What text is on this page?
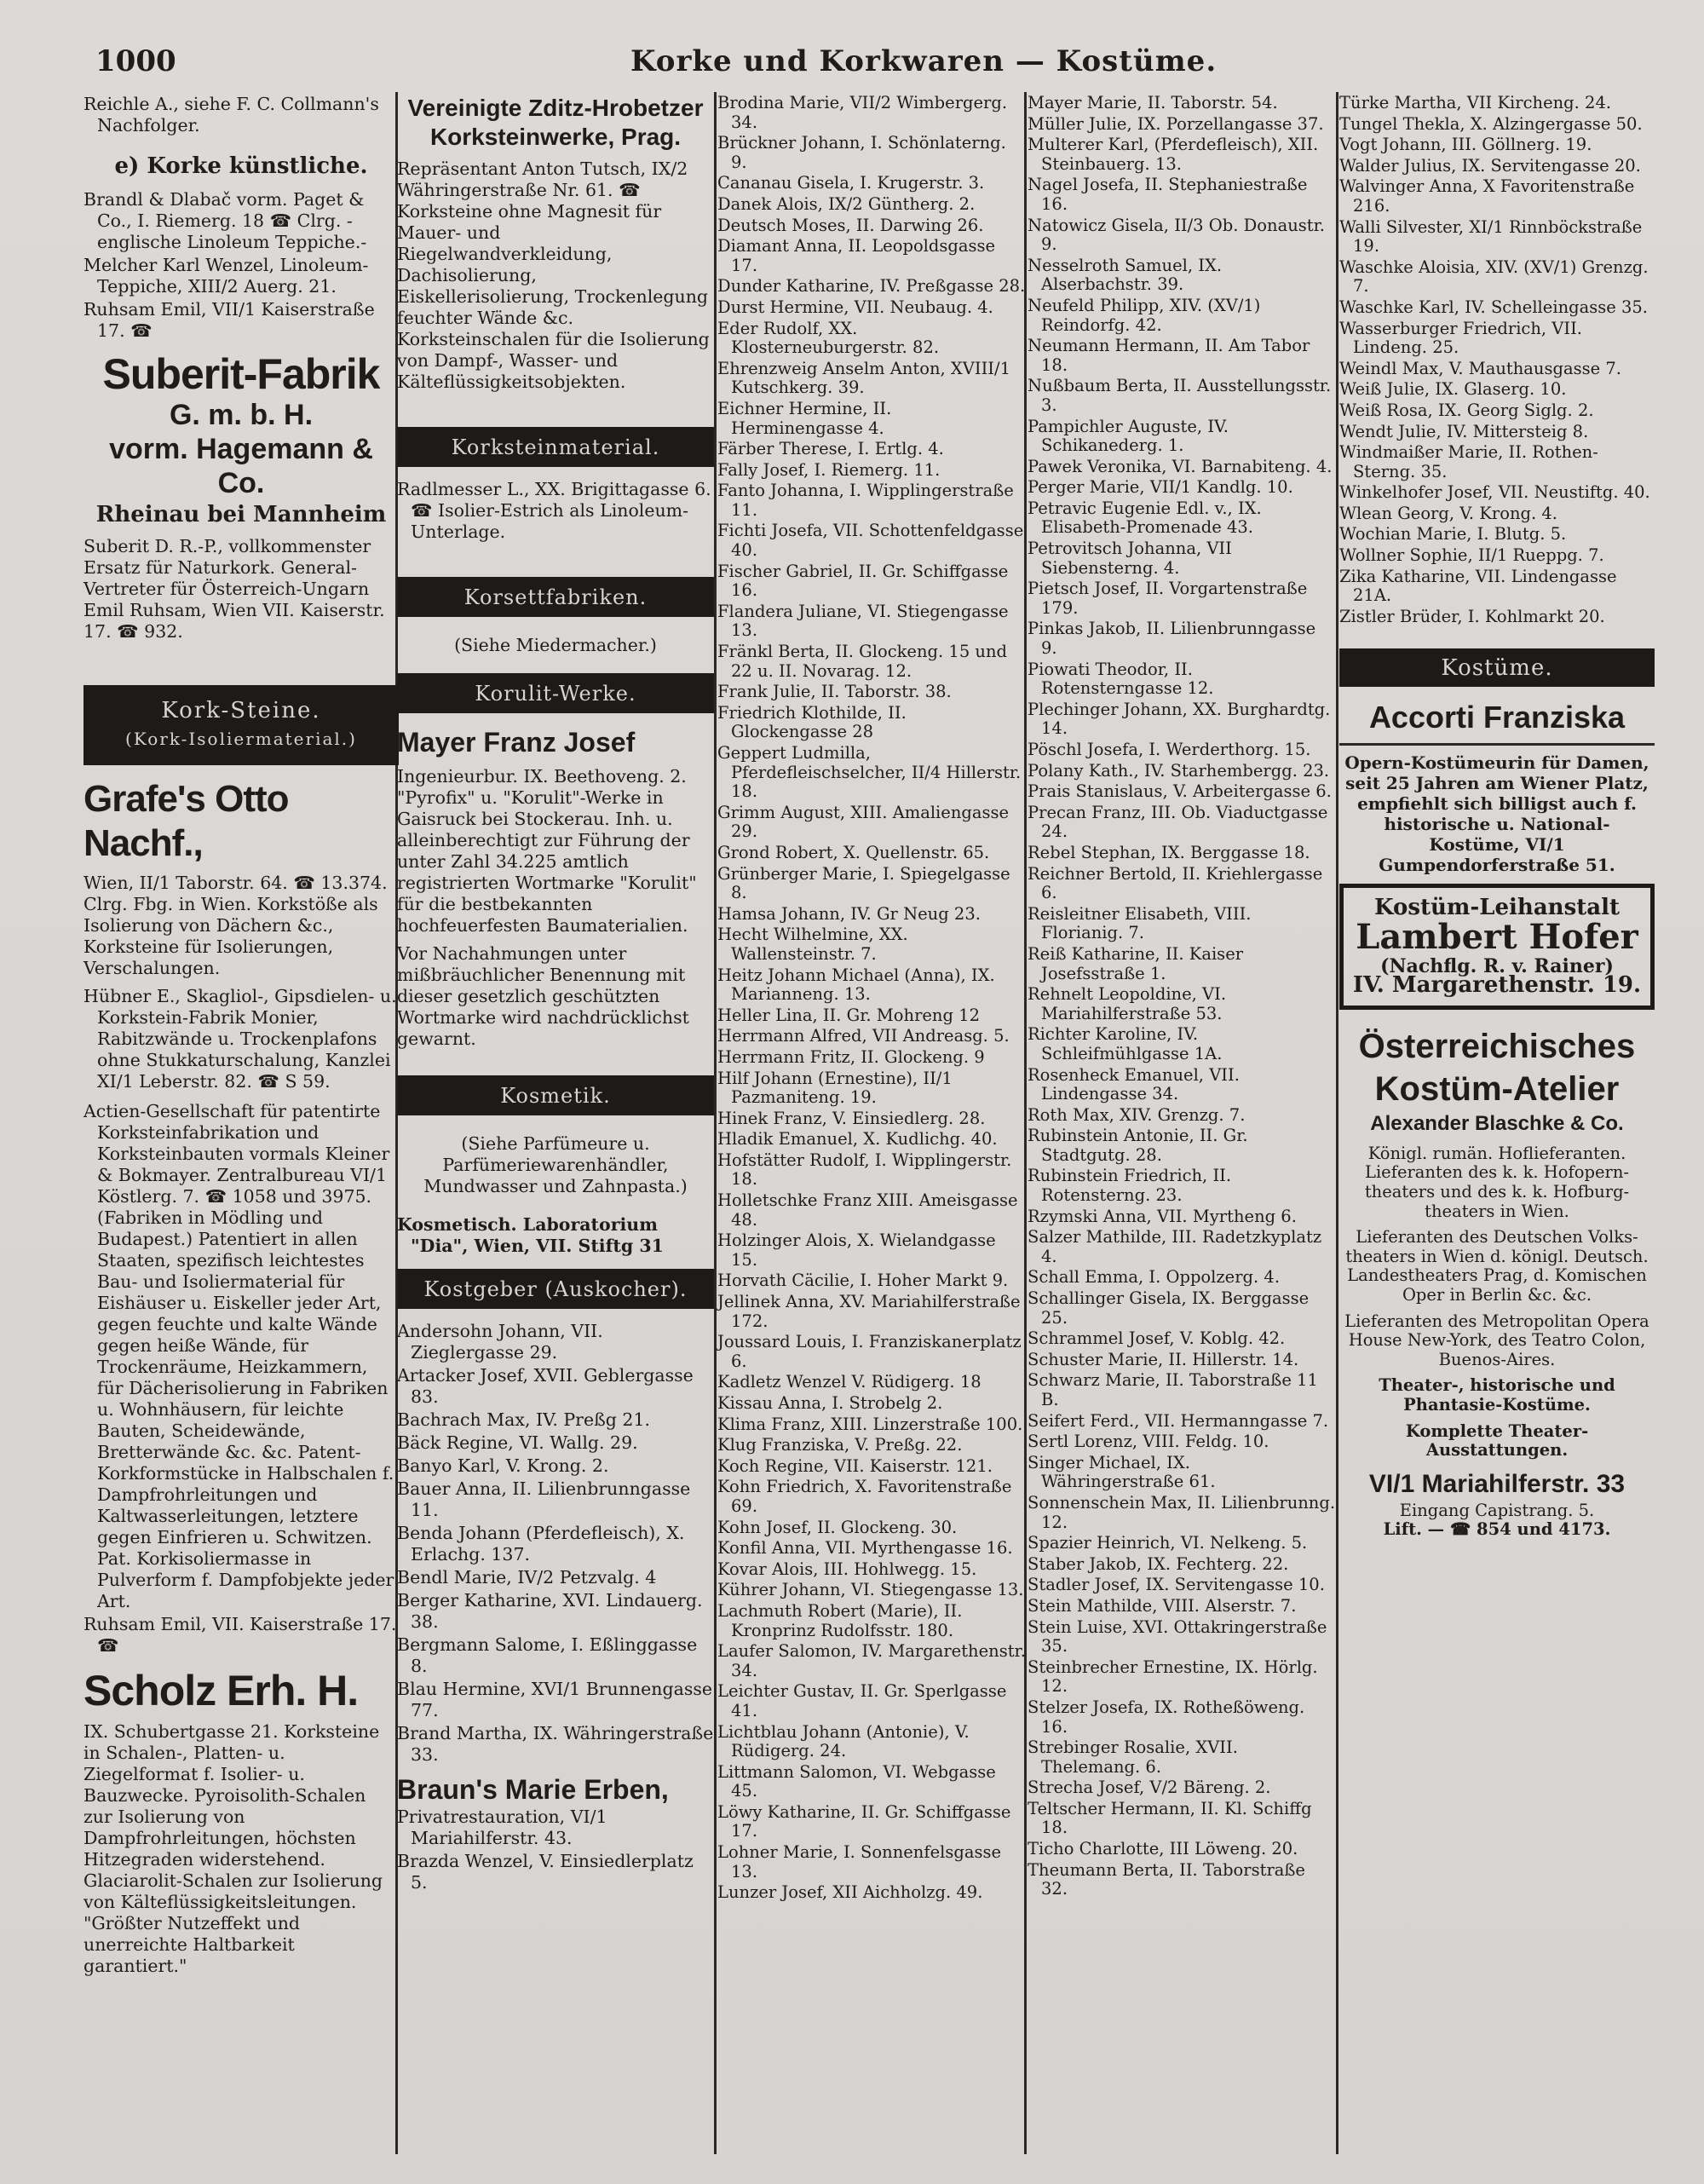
1000	Korke und Korkwaren — Kostüme.

Reichle A., siehe F. C. Collmann's Nachfolger.

e) Korke künstliche.

Brandl & Dlabač vorm. Paget & Co., I. Riemerg. 18 ☎ Clrg. -englische Linoleum Teppiche.-

Melcher Karl Wenzel, Linoleum-Teppiche, XIII/2 Auerg. 21.

Ruhsam Emil, VII/1 Kaiserstraße 17. ☎

Suberit-Fabrik
G. m. b. H.
vorm. Hagemann & Co.
Rheinau bei Mannheim

Suberit D. R.-P., vollkommenster Ersatz für Naturkork. General-Vertreter für Österreich-Ungarn Emil Ruhsam, Wien VII. Kaiserstr. 17. ☎ 932.

Kork-Steine.
(Kork-Isoliermaterial.)
Grafe's Otto Nachf.,

Wien, II/1 Taborstr. 64. ☎ 13.374. Clrg. Fbg. in Wien. Korkstöße als Isolierung von Dächern &c., Korksteine für Isolierungen, Verschalungen.

Hübner E., Skagliol-, Gipsdielen- u. Korkstein-Fabrik Monier, Rabitzwände u. Trockenplafons ohne Stukkaturschalung, Kanzlei XI/1 Leberstr. 82. ☎ S 59.

Actien-Gesellschaft für patentirte Korksteinfabrikation und Korksteinbauten vormals Kleiner & Bokmayer. Zentralbureau VI/1 Köstlerg. 7. ☎ 1058 und 3975. (Fabriken in Mödling und Budapest.) Patentiert in allen Staaten, spezifisch leichtestes Bau- und Isoliermaterial für Eishäuser u. Eiskeller jeder Art, gegen feuchte und kalte Wände gegen heiße Wände, für Trockenräume, Heizkammern, für Dächerisolierung in Fabriken u. Wohnhäusern, für leichte Bauten, Scheidewände, Bretterwände &c. &c. Patent-Korkformstücke in Halbschalen f. Dampfrohrleitungen und Kaltwasserleitungen, letztere gegen Einfrieren u. Schwitzen. Pat. Korkisoliermasse in Pulverform f. Dampfobjekte jeder Art.

Ruhsam Emil, VII. Kaiserstraße 17. ☎

Scholz Erh. H.

IX. Schubertgasse 21. Korksteine in Schalen-, Platten- u. Ziegelformat f. Isolier- u. Bauzwecke. Pyroisolith-Schalen zur Isolierung von Dampfrohrleitungen, höchsten Hitzegraden widerstehend. Glaciarolit-Schalen zur Isolierung von Kälteflüssigkeitsleitungen. "Größter Nutzeffekt und unerreichte Haltbarkeit garantiert."

Vereinigte Zditz-Hrobetzer
Korksteinwerke, Prag.

Repräsentant Anton Tutsch, IX/2 Währingerstraße Nr. 61. ☎ Korksteine ohne Magnesit für Mauer- und Riegelwandverkleidung, Dachisolierung, Eiskellerisolierung, Trockenlegung feuchter Wände &c. Korksteinschalen für die Isolierung von Dampf-, Wasser- und Kälteflüssigkeitsobjekten.

Korksteinmaterial.

Radlmesser L., XX. Brigittagasse 6. ☎ Isolier-Estrich als Linoleum-Unterlage.

Korsettfabriken.

(Siehe Miedermacher.)

Korulit-Werke.
Mayer Franz Josef

Ingenieurbur. IX. Beethoveng. 2. "Pyrofix" u. "Korulit"-Werke in Gaisruck bei Stockerau. Inh. u. alleinberechtigt zur Führung der unter Zahl 34.225 amtlich registrierten Wortmarke "Korulit" für die bestbekannten hochfeuerfesten Baumaterialien.

Vor Nachahmungen unter mißbräuchlicher Benennung mit dieser gesetzlich geschützten Wortmarke wird nachdrücklichst gewarnt.

Kosmetik.

(Siehe Parfümeure u. Parfümeriewarenhändler, Mundwasser und Zahnpasta.)

Kosmetisch. Laboratorium "Dia", Wien, VII. Stiftg 31

Kostgeber (Auskocher).

Andersohn Johann, VII. Zieglergasse 29.

Artacker Josef, XVII. Geblergasse 83.

Bachrach Max, IV. Preßg 21.

Bäck Regine, VI. Wallg. 29.

Banyo Karl, V. Krong. 2.

Bauer Anna, II. Lilienbrunngasse 11.

Benda Johann (Pferdefleisch), X. Erlachg. 137.

Bendl Marie, IV/2 Petzvalg. 4

Berger Katharine, XVI. Lindauerg. 38.

Bergmann Salome, I. Eßlinggasse 8.

Blau Hermine, XVI/1 Brunnengasse 77.

Brand Martha, IX. Währingerstraße 33.

Braun's Marie Erben,

Privatrestauration, VI/1 Mariahilferstr. 43.

Brazda Wenzel, V. Einsiedlerplatz 5.

Brodina Marie, VII/2 Wimbergerg. 34.

Brückner Johann, I. Schönlaterng. 9.

Cananau Gisela, I. Krugerstr. 3.

Danek Alois, IX/2 Güntherg. 2.

Deutsch Moses, II. Darwing 26.

Diamant Anna, II. Leopoldsgasse 17.

Dunder Katharine, IV. Preßgasse 28.

Durst Hermine, VII. Neubaug. 4.

Eder Rudolf, XX. Klosterneuburgerstr. 82.

Ehrenzweig Anselm Anton, XVIII/1 Kutschkerg. 39.

Eichner Hermine, II. Herminengasse 4.

Färber Therese, I. Ertlg. 4.

Fally Josef, I. Riemerg. 11.

Fanto Johanna, I. Wipplingerstraße 11.

Fichti Josefa, VII. Schottenfeldgasse 40.

Fischer Gabriel, II. Gr. Schiffgasse 16.

Flandera Juliane, VI. Stiegengasse 13.

Fränkl Berta, II. Glockeng. 15 und 22 u. II. Novarag. 12.

Frank Julie, II. Taborstr. 38.

Friedrich Klothilde, II. Glockengasse 28

Geppert Ludmilla, Pferdefleischselcher, II/4 Hillerstr. 18.

Grimm August, XIII. Amaliengasse 29.

Grond Robert, X. Quellenstr. 65.

Grünberger Marie, I. Spiegelgasse 8.

Hamsa Johann, IV. Gr Neug 23.

Hecht Wilhelmine, XX. Wallensteinstr. 7.

Heitz Johann Michael (Anna), IX. Marianneng. 13.

Heller Lina, II. Gr. Mohreng 12

Herrmann Alfred, VII Andreasg. 5.

Herrmann Fritz, II. Glockeng. 9

Hilf Johann (Ernestine), II/1 Pazmaniteng. 19.

Hinek Franz, V. Einsiedlerg. 28.

Hladik Emanuel, X. Kudlichg. 40.

Hofstätter Rudolf, I. Wipplingerstr. 18.

Holletschke Franz XIII. Ameisgasse 48.

Holzinger Alois, X. Wielandgasse 15.

Horvath Cäcilie, I. Hoher Markt 9.

Jellinek Anna, XV. Mariahilferstraße 172.

Joussard Louis, I. Franziskanerplatz 6.

Kadletz Wenzel V. Rüdigerg. 18

Kissau Anna, I. Strobelg 2.

Klima Franz, XIII. Linzerstraße 100.

Klug Franziska, V. Preßg. 22.

Koch Regine, VII. Kaiserstr. 121.

Kohn Friedrich, X. Favoritenstraße 69.

Kohn Josef, II. Glockeng. 30.

Konfil Anna, VII. Myrthengasse 16.

Kovar Alois, III. Hohlwegg. 15.

Kührer Johann, VI. Stiegengasse 13.

Lachmuth Robert (Marie), II. Kronprinz Rudolfsstr. 180.

Laufer Salomon, IV. Margarethenstr. 34.

Leichter Gustav, II. Gr. Sperlgasse 41.

Lichtblau Johann (Antonie), V. Rüdigerg. 24.

Littmann Salomon, VI. Webgasse 45.

Löwy Katharine, II. Gr. Schiffgasse 17.

Lohner Marie, I. Sonnenfelsgasse 13.

Lunzer Josef, XII Aichholzg. 49.

Mayer Marie, II. Taborstr. 54.

Müller Julie, IX. Porzellangasse 37.

Multerer Karl, (Pferdefleisch), XII. Steinbauerg. 13.

Nagel Josefa, II. Stephaniestraße 16.

Natowicz Gisela, II/3 Ob. Donaustr. 9.

Nesselroth Samuel, IX. Alserbachstr. 39.

Neufeld Philipp, XIV. (XV/1) Reindorfg. 42.

Neumann Hermann, II. Am Tabor 18.

Nußbaum Berta, II. Ausstellungsstr. 3.

Pampichler Auguste, IV. Schikanederg. 1.

Pawek Veronika, VI. Barnabiteng. 4.

Perger Marie, VII/1 Kandlg. 10.

Petravic Eugenie Edl. v., IX. Elisabeth-Promenade 43.

Petrovitsch Johanna, VII Siebensterng. 4.

Pietsch Josef, II. Vorgartenstraße 179.

Pinkas Jakob, II. Lilienbrunngasse 9.

Piowati Theodor, II. Rotensterngasse 12.

Plechinger Johann, XX. Burghardtg. 14.

Pöschl Josefa, I. Werderthorg. 15.

Polany Kath., IV. Starhembergg. 23.

Prais Stanislaus, V. Arbeitergasse 6.

Precan Franz, III. Ob. Viaductgasse 24.

Rebel Stephan, IX. Berggasse 18.

Reichner Bertold, II. Kriehlergasse 6.

Reisleitner Elisabeth, VIII. Florianig. 7.

Reiß Katharine, II. Kaiser Josefsstraße 1.

Rehnelt Leopoldine, VI. Mariahilferstraße 53.

Richter Karoline, IV. Schleifmühlgasse 1A.

Rosenheck Emanuel, VII. Lindengasse 34.

Roth Max, XIV. Grenzg. 7.

Rubinstein Antonie, II. Gr. Stadtgutg. 28.

Rubinstein Friedrich, II. Rotensterng. 23.

Rzymski Anna, VII. Myrtheng 6.

Salzer Mathilde, III. Radetzkyplatz 4.

Schall Emma, I. Oppolzerg. 4.

Schallinger Gisela, IX. Berggasse 25.

Schrammel Josef, V. Koblg. 42.

Schuster Marie, II. Hillerstr. 14.

Schwarz Marie, II. Taborstraße 11 B.

Seifert Ferd., VII. Hermanngasse 7.

Sertl Lorenz, VIII. Feldg. 10.

Singer Michael, IX. Währingerstraße 61.

Sonnenschein Max, II. Lilienbrunng. 12.

Spazier Heinrich, VI. Nelkeng. 5.

Staber Jakob, IX. Fechterg. 22.

Stadler Josef, IX. Servitengasse 10.

Stein Mathilde, VIII. Alserstr. 7.

Stein Luise, XVI. Ottakringerstraße 35.

Steinbrecher Ernestine, IX. Hörlg. 12.

Stelzer Josefa, IX. Rotheßöweng. 16.

Strebinger Rosalie, XVII. Thelemang. 6.

Strecha Josef, V/2 Bäreng. 2.

Teltscher Hermann, II. Kl. Schiffg 18.

Ticho Charlotte, III Löweng. 20.

Theumann Berta, II. Taborstraße 32.

Türke Martha, VII Kircheng. 24.

Tungel Thekla, X. Alzingergasse 50.

Vogt Johann, III. Göllnerg. 19.

Walder Julius, IX. Servitengasse 20.

Walvinger Anna, X Favoritenstraße 216.

Walli Silvester, XI/1 Rinnböckstraße 19.

Waschke Aloisia, XIV. (XV/1) Grenzg. 7.

Waschke Karl, IV. Schelleingasse 35.

Wasserburger Friedrich, VII. Lindeng. 25.

Weindl Max, V. Mauthausgasse 7.

Weiß Julie, IX. Glaserg. 10.

Weiß Rosa, IX. Georg Siglg. 2.

Wendt Julie, IV. Mittersteig 8.

Windmaißer Marie, II. Rothen-Sterng. 35.

Winkelhofer Josef, VII. Neustiftg. 40.

Wlean Georg, V. Krong. 4.

Wochian Marie, I. Blutg. 5.

Wollner Sophie, II/1 Rueppg. 7.

Zika Katharine, VII. Lindengasse 21A.

Zistler Brüder, I. Kohlmarkt 20.

Kostüme.
Accorti Franziska

Opern-Kostümeurin für Damen, seit 25 Jahren am Wiener Platz, empfiehlt sich billigst auch f. historische u. National-Kostüme, VI/1 Gumpendorferstraße 51.

Kostüm-Leihanstalt
Lambert Hofer
(Nachflg. R. v. Rainer)
IV. Margarethenstr. 19.
Österreichisches
Kostüm-Atelier
Alexander Blaschke & Co.

Königl. rumän. Hoflieferanten. Lieferanten des k. k. Hofopern-theaters und des k. k. Hofburg-theaters in Wien.

Lieferanten des Deutschen Volks-theaters in Wien d. königl. Deutsch. Landestheaters Prag, d. Komischen Oper in Berlin &c. &c.

Lieferanten des Metropolitan Opera House New-York, des Teatro Colon, Buenos-Aires.

Theater-, historische und Phantasie-Kostüme.

Komplette Theater-Ausstattungen.

VI/1 Mariahilferstr. 33
Eingang Capistrang. 5.
Lift. — ☎ 854 und 4173.
